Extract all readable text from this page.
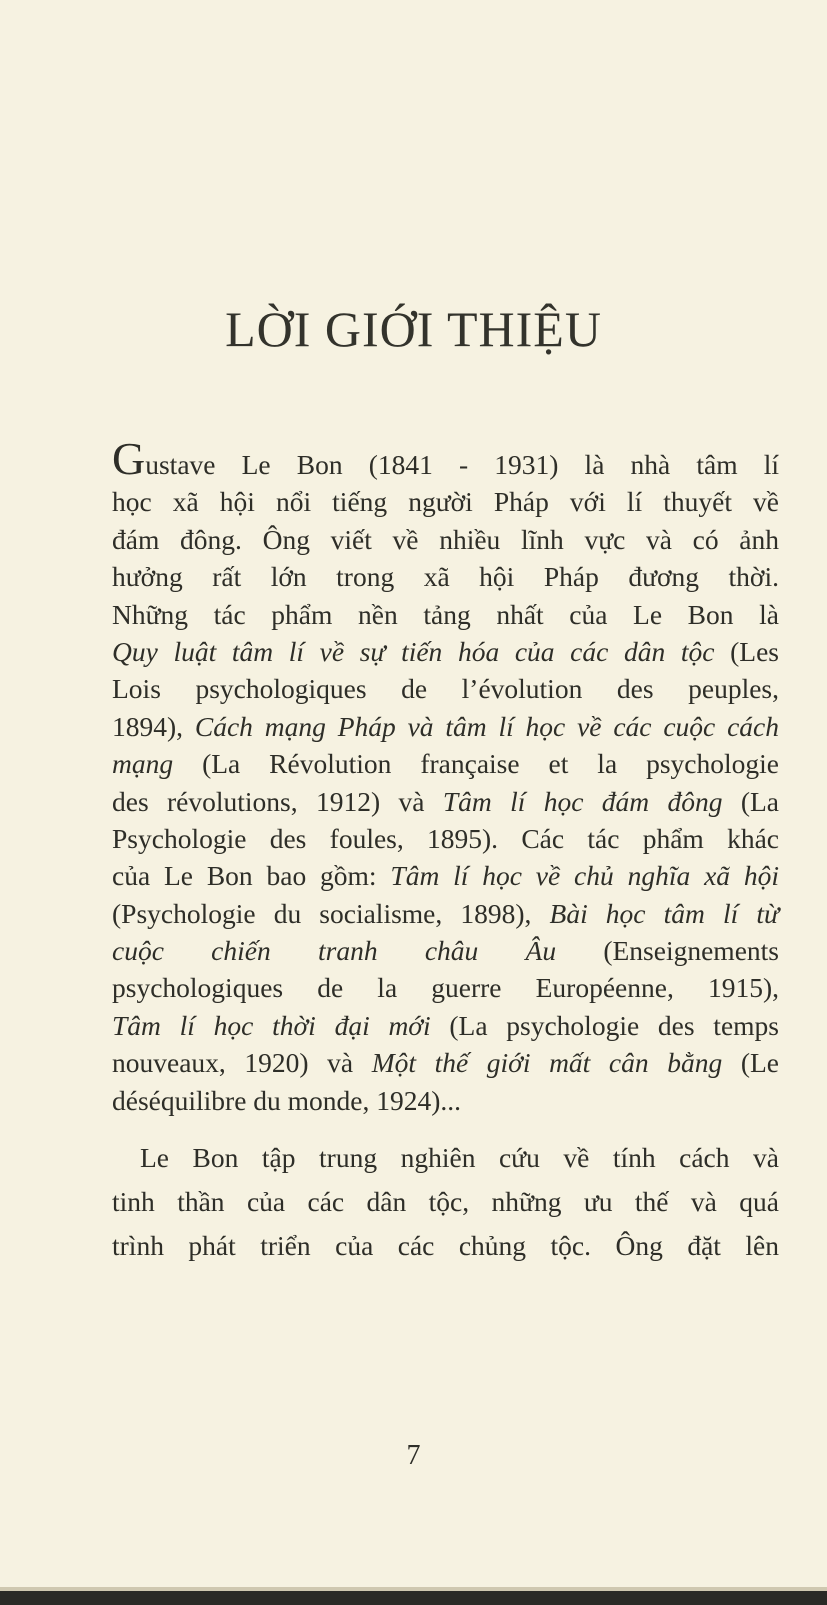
LỜI GIỚI THIỆU
Gustave Le Bon (1841 - 1931) là nhà tâm lí
học xã hội nổi tiếng người Pháp với lí thuyết về
đám đông. Ông viết về nhiều lĩnh vực và có ảnh
hưởng rất lớn trong xã hội Pháp đương thời.
Những tác phẩm nền tảng nhất của Le Bon là
Quy luật tâm lí về sự tiến hóa của các dân tộc (Les
Lois psychologiques de l’évolution des peuples,
1894), Cách mạng Pháp và tâm lí học về các cuộc cách
mạng (La Révolution française et la psychologie
des révolutions, 1912) và Tâm lí học đám đông (La
Psychologie des foules, 1895). Các tác phẩm khác
của Le Bon bao gồm: Tâm lí học về chủ nghĩa xã hội
(Psychologie du socialisme, 1898), Bài học tâm lí từ
cuộc chiến tranh châu Âu (Enseignements
psychologiques de la guerre Européenne, 1915),
Tâm lí học thời đại mới (La psychologie des temps
nouveaux, 1920) và Một thế giới mất cân bằng (Le
déséquilibre du monde, 1924)...
Le Bon tập trung nghiên cứu về tính cách và
tinh thần của các dân tộc, những ưu thế và quá
trình phát triển của các chủng tộc. Ông đặt lên
7
